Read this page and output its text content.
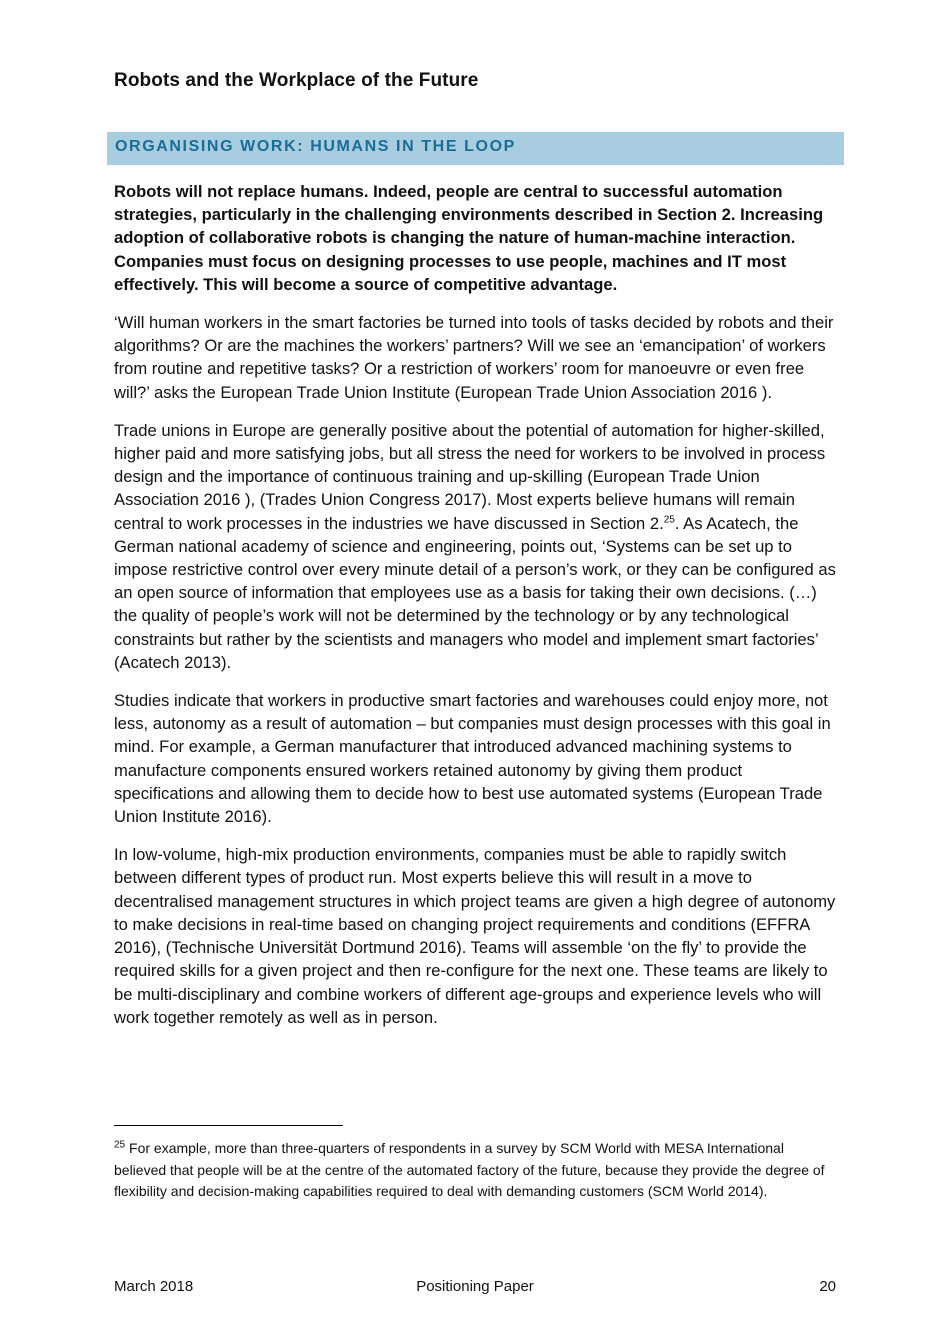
Robots and the Workplace of the Future
ORGANISING WORK: HUMANS IN THE LOOP

Robots will not replace humans. Indeed, people are central to successful automation strategies, particularly in the challenging environments described in Section 2. Increasing adoption of collaborative robots is changing the nature of human-machine interaction. Companies must focus on designing processes to use people, machines and IT most effectively. This will become a source of competitive advantage.

‘Will human workers in the smart factories be turned into tools of tasks decided by robots and their algorithms? Or are the machines the workers’ partners? Will we see an ‘emancipation’ of workers from routine and repetitive tasks? Or a restriction of workers’ room for manoeuvre or even free will?’ asks the European Trade Union Institute (European Trade Union Association 2016 ).

Trade unions in Europe are generally positive about the potential of automation for higher-skilled, higher paid and more satisfying jobs, but all stress the need for workers to be involved in process design and the importance of continuous training and up-skilling (European Trade Union Association 2016 ), (Trades Union Congress 2017). Most experts believe humans will remain central to work processes in the industries we have discussed in Section 2.25. As Acatech, the German national academy of science and engineering, points out, ‘Systems can be set up to impose restrictive control over every minute detail of a person’s work, or they can be configured as an open source of information that employees use as a basis for taking their own decisions. (…) the quality of people’s work will not be determined by the technology or by any technological constraints but rather by the scientists and managers who model and implement smart factories’ (Acatech 2013).

Studies indicate that workers in productive smart factories and warehouses could enjoy more, not less, autonomy as a result of automation – but companies must design processes with this goal in mind. For example, a German manufacturer that introduced advanced machining systems to manufacture components ensured workers retained autonomy by giving them product specifications and allowing them to decide how to best use automated systems (European Trade Union Institute 2016).

In low-volume, high-mix production environments, companies must be able to rapidly switch between different types of product run. Most experts believe this will result in a move to decentralised management structures in which project teams are given a high degree of autonomy to make decisions in real-time based on changing project requirements and conditions (EFFRA 2016), (Technische Universität Dortmund 2016). Teams will assemble ‘on the fly’ to provide the required skills for a given project and then re-configure for the next one. These teams are likely to be multi-disciplinary and combine workers of different age-groups and experience levels who will work together remotely as well as in person.

$^{25}$ For example, more than three-quarters of respondents in a survey by SCM World with MESA International believed that people will be at the centre of the automated factory of the future, because they provide the degree of flexibility and decision-making capabilities required to deal with demanding customers (SCM World 2014).
March 2018	Positioning Paper	20
